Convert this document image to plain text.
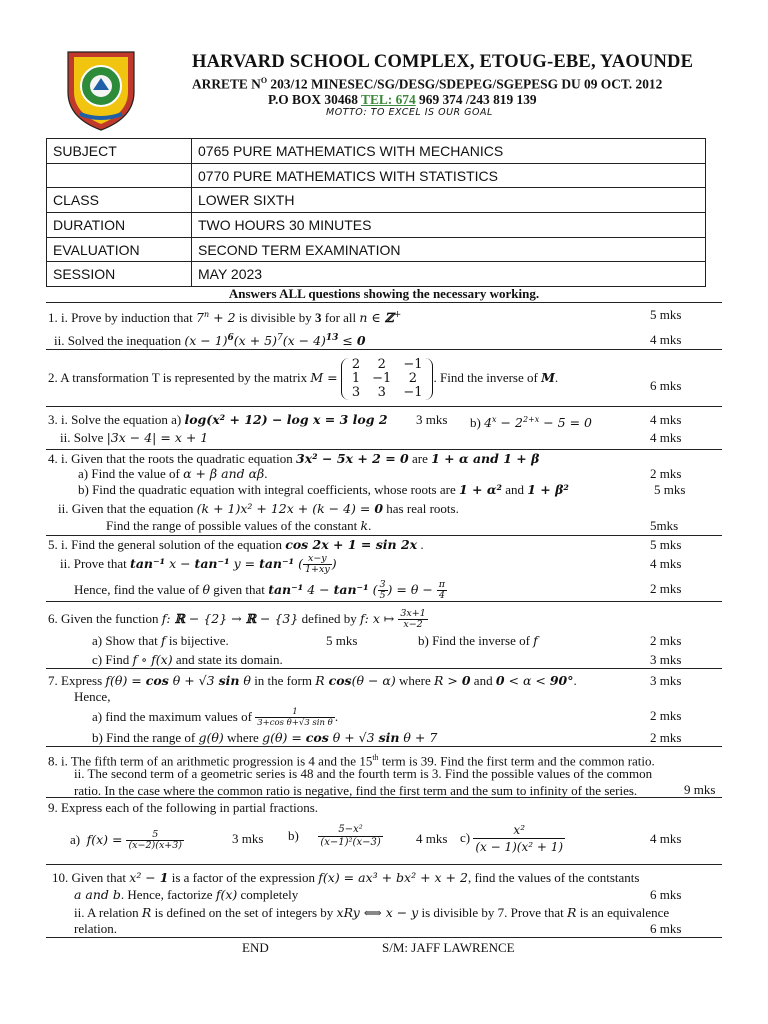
HARVARD SCHOOL COMPLEX, ETOUG-EBE, YAOUNDE
ARRETE $N^O$ 203/12 MINESEC/SG/DESG/SDEPEG/SGEPESG DU 09 OCT. 2012
P.O BOX 30468 TEL: 674 969 374 /243 819 139
MOTTO: TO EXCEL IS OUR GOAL
SUBJECT	0765 PURE MATHEMATICS WITH MECHANICS
	0770 PURE MATHEMATICS WITH STATISTICS
CLASS	LOWER SIXTH
DURATION	TWO HOURS 30 MINUTES
EVALUATION	SECOND TERM EXAMINATION
SESSION	MAY 2023
Answers ALL questions showing the necessary working.
1. i. Prove by induction that $7^n + 2$ is divisible by 3 for all n ∈ ℤ+	5 mks
ii. Solved the inequation $(x - 1)^6(x + 5)^7(x - 4)^{13} \le 0$	4 mks
2. A transformation T is represented by the matrix M =
2	2	−1
1	−1	2
3	3	−1
. Find the inverse of M.
6 mks
3. i. Solve the equation a) log(x² + 12) − log x = 3 log 2 3 mks b) $4^x - 2^{2+x} - 5 = 0$	4 mks
ii. Solve |3x − 4| = x + 1	4 mks
4. i. Given that the roots the quadratic equation 3x² − 5x + 2 = 0 are 1 + α and 1 + β
a) Find the value of α + β and αβ.	2 mks
b) Find the quadratic equation with integral coefficients, whose roots are 1 + α² and 1 + β²	5 mks
ii. Given that the equation (k + 1)x² + 12x + (k − 4) = 0 has real roots.
Find the range of possible values of the constant k.	5mks
5. i. Find the general solution of the equation cos 2x + 1 = sin 2x .	5 mks
ii. Prove that tan⁻¹ x − tan⁻¹ y = tan⁻¹ ( $\frac{x-y}{1+xy}$ )	4 mks
Hence, find the value of θ given that tan⁻¹ 4 − tan⁻¹ ( $\frac{3}{5}$ ) = $\theta - \frac{\pi}{4}$	2 mks
6. Given the function f: ℝ − {2} → ℝ − {3} defined by f: x ↦ $\frac{3x+1}{x-2}$
a) Show that f is bijective.	5 mks	b) Find the inverse of f	2 mks
c) Find f ∘ f(x) and state its domain.	3 mks
7. Express f(θ) = cos θ + √3 sin θ in the form R cos(θ − α) where R > 0 and 0 < α < 90°.	3 mks
Hence,
a) find the maximum values of $\frac{1}{\text{3+cos θ+√3 sin θ}}$ .	2 mks
b) Find the range of g(θ) where g(θ) = cos θ + √3 sin θ + 7	2 mks
8. i. The fifth term of an arithmetic progression is 4 and the 15th term is 39. Find the first term and the common ratio.
ii. The second term of a geometric series is 48 and the fourth term is 3. Find the possible values of the common ratio. In the case where the common ratio is negative, find the first term and the sum to infinity of the series.	9 mks
9. Express each of the following in partial fractions.
a) $f(x) = \frac{5}{(x-2)(x+3)}$	3 mks $b) \frac{\text{5−x²}}{\text{(x−1)²(x−3)}}$	4 mks $c) \frac{\text{x²}}{\text{(x − 1)(x² + 1)}}$	4 mks
10. Given that x² − 1 is a factor of the expression f(x) = ax³ + bx² + x + 2, find the values of the contstants
a and b. Hence, factorize f(x) completely	6 mks
ii. A relation R is defined on the set of integers by xRy ⟺ x − y is divisible by 7. Prove that R is an equivalence
relation.	6 mks
END	S/M: JAFF LAWRENCE
